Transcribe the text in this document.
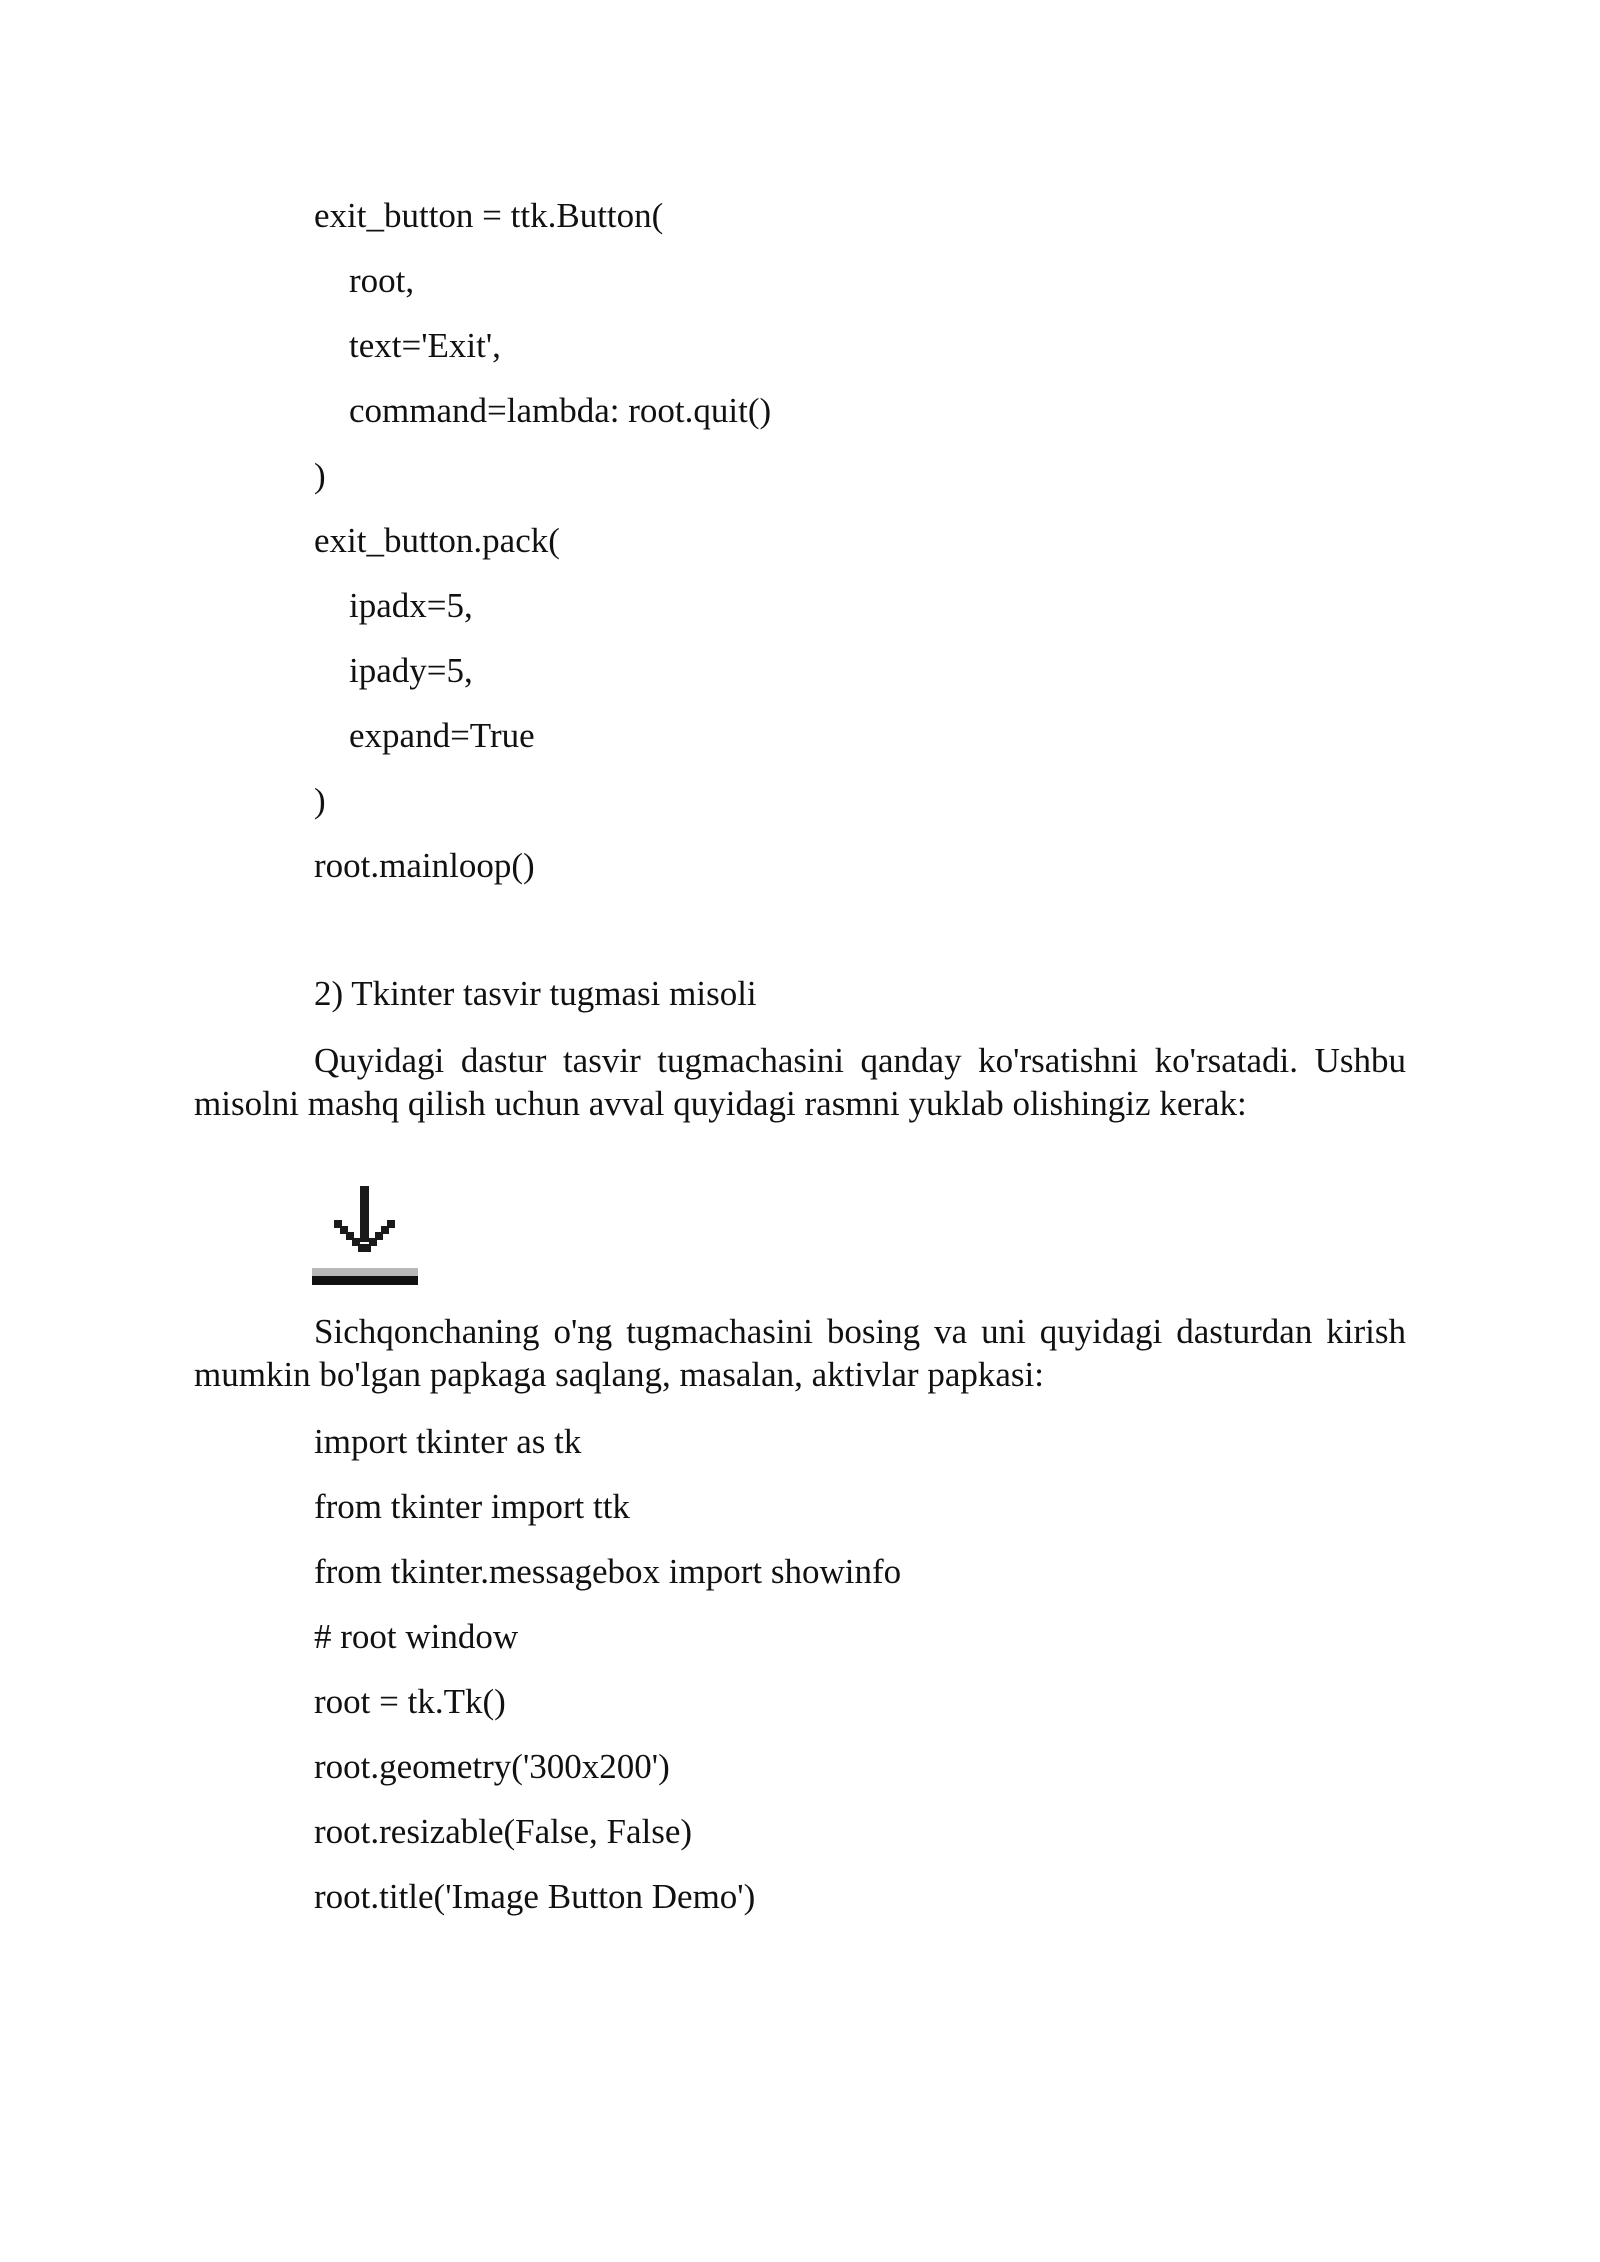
exit_button = ttk.Button(
root,
text='Exit',
command=lambda: root.quit()
)
exit_button.pack(
ipadx=5,
ipady=5,
expand=True
)
root.mainloop()
2) Tkinter tasvir tugmasi misoli
Quyidagi dastur tasvir tugmachasini qanday ko'rsatishni ko'rsatadi. Ushbu misolni mashq qilish uchun avval quyidagi rasmni yuklab olishingiz kerak:
Sichqonchaning o'ng tugmachasini bosing va uni quyidagi dasturdan kirish mumkin bo'lgan papkaga saqlang, masalan, aktivlar papkasi:
import tkinter as tk
from tkinter import ttk
from tkinter.messagebox import showinfo
# root window
root = tk.Tk()
root.geometry('300x200')
root.resizable(False, False)
root.title('Image Button Demo')
